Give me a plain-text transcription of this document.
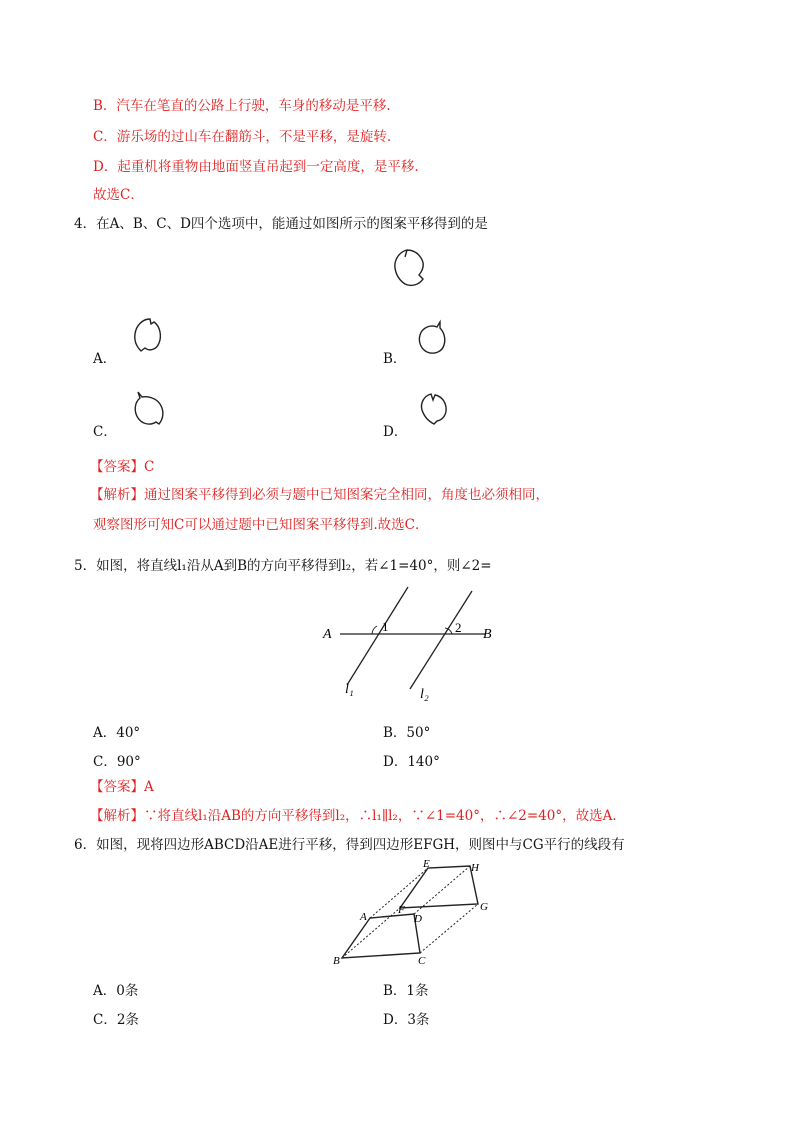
B．汽车在笔直的公路上行驶，车身的移动是平移.
C．游乐场的过山车在翻筋斗，不是平移，是旋转.
D．起重机将重物由地面竖直吊起到一定高度，是平移.
故选C．
4．在A、B、C、D四个选项中，能通过如图所示的图案平移得到的是
A．	B．
C．	D．
【答案】C
【解析】通过图案平移得到必须与题中已知图案完全相同，角度也必须相同，
观察图形可知C可以通过题中已知图案平移得到.故选C．
5．如图，将直线l₁沿从A到B的方向平移得到l₂，若∠1=40°，则∠2=
A	B
1	2
l₁	l₂
A．40°	B．50°
C．90°	D．140°
【答案】A
【解析】∵将直线l₁沿AB的方向平移得到l₂，∴l₁∥l₂，∵∠1=40°，∴∠2=40°，故选A．
6．如图，现将四边形ABCD沿AE进行平移，得到四边形EFGH，则图中与CG平行的线段有
E	H
A
F	G
D
B	C
A．0条	B．1条
C．2条	D．3条
